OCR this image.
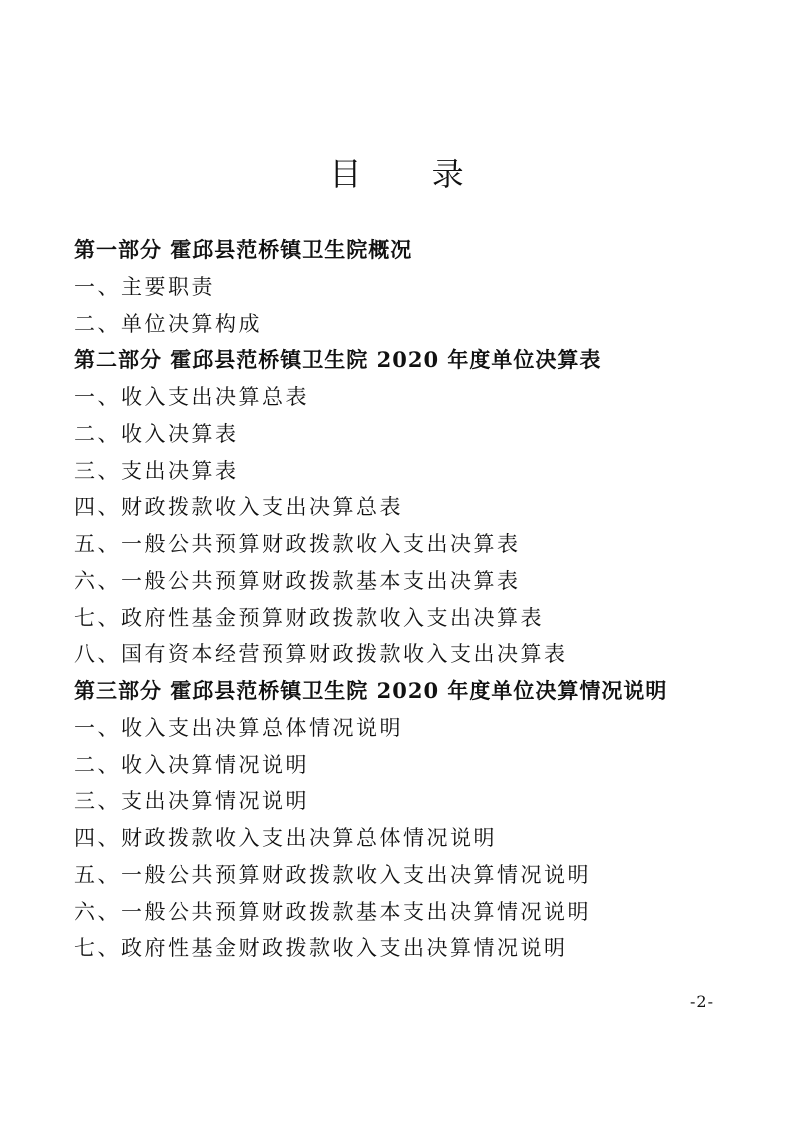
目 录
第一部分 霍邱县范桥镇卫生院概况
一、主要职责
二、单位决算构成
第二部分 霍邱县范桥镇卫生院 2020 年度单位决算表
一、收入支出决算总表
二、收入决算表
三、支出决算表
四、财政拨款收入支出决算总表
五、一般公共预算财政拨款收入支出决算表
六、一般公共预算财政拨款基本支出决算表
七、政府性基金预算财政拨款收入支出决算表
八、国有资本经营预算财政拨款收入支出决算表
第三部分 霍邱县范桥镇卫生院 2020 年度单位决算情况说明
一、收入支出决算总体情况说明
二、收入决算情况说明
三、支出决算情况说明
四、财政拨款收入支出决算总体情况说明
五、一般公共预算财政拨款收入支出决算情况说明
六、一般公共预算财政拨款基本支出决算情况说明
七、政府性基金财政拨款收入支出决算情况说明
-2-
